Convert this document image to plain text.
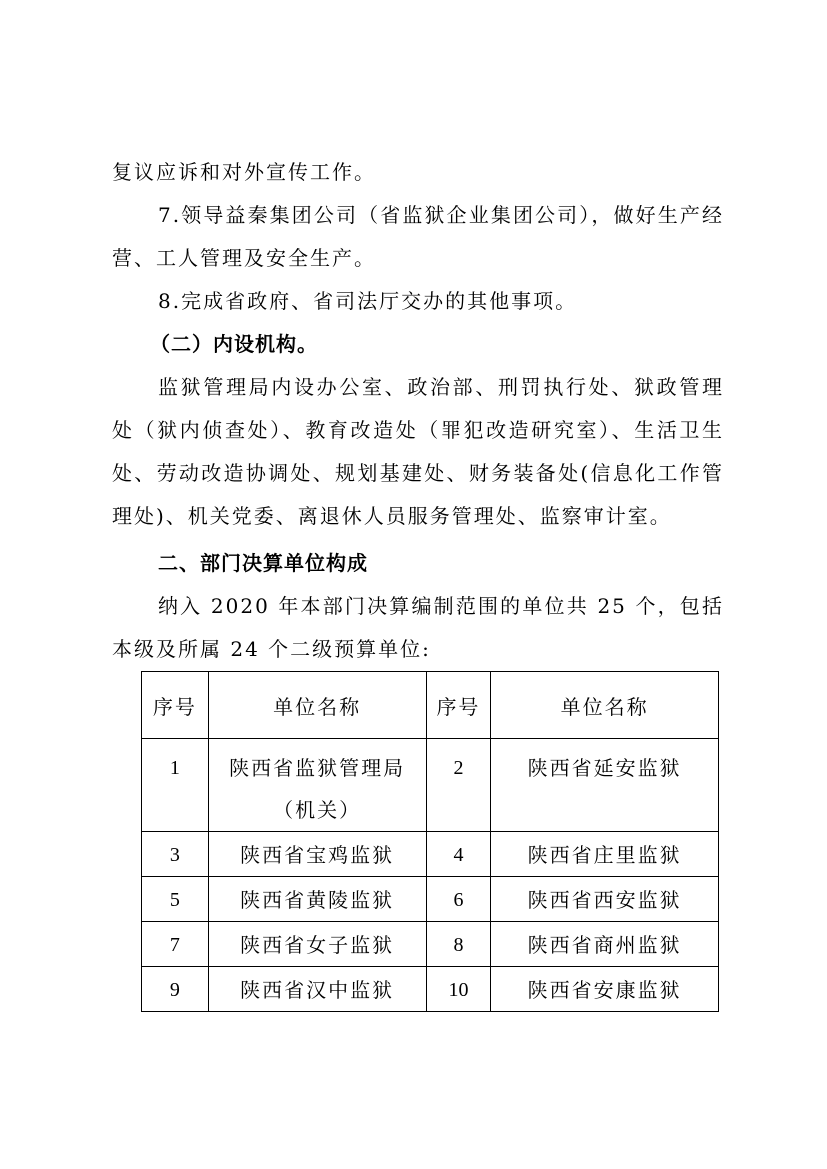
复议应诉和对外宣传工作。

7.领导益秦集团公司（省监狱企业集团公司），做好生产经营、工人管理及安全生产。

8.完成省政府、省司法厅交办的其他事项。

（二）内设机构。

监狱管理局内设办公室、政治部、刑罚执行处、狱政管理处（狱内侦查处）、教育改造处（罪犯改造研究室）、生活卫生处、劳动改造协调处、规划基建处、财务装备处(信息化工作管理处)、机关党委、离退休人员服务管理处、监察审计室。

二、部门决算单位构成

纳入 2020 年本部门决算编制范围的单位共 25 个，包括本级及所属 24 个二级预算单位:

序号	单位名称	序号	单位名称

1	陕西省监狱管理局（机关）	2	陕西省延安监狱

3	陕西省宝鸡监狱	4	陕西省庄里监狱

5	陕西省黄陵监狱	6	陕西省西安监狱

7	陕西省女子监狱	8	陕西省商州监狱

9	陕西省汉中监狱	10	陕西省安康监狱
